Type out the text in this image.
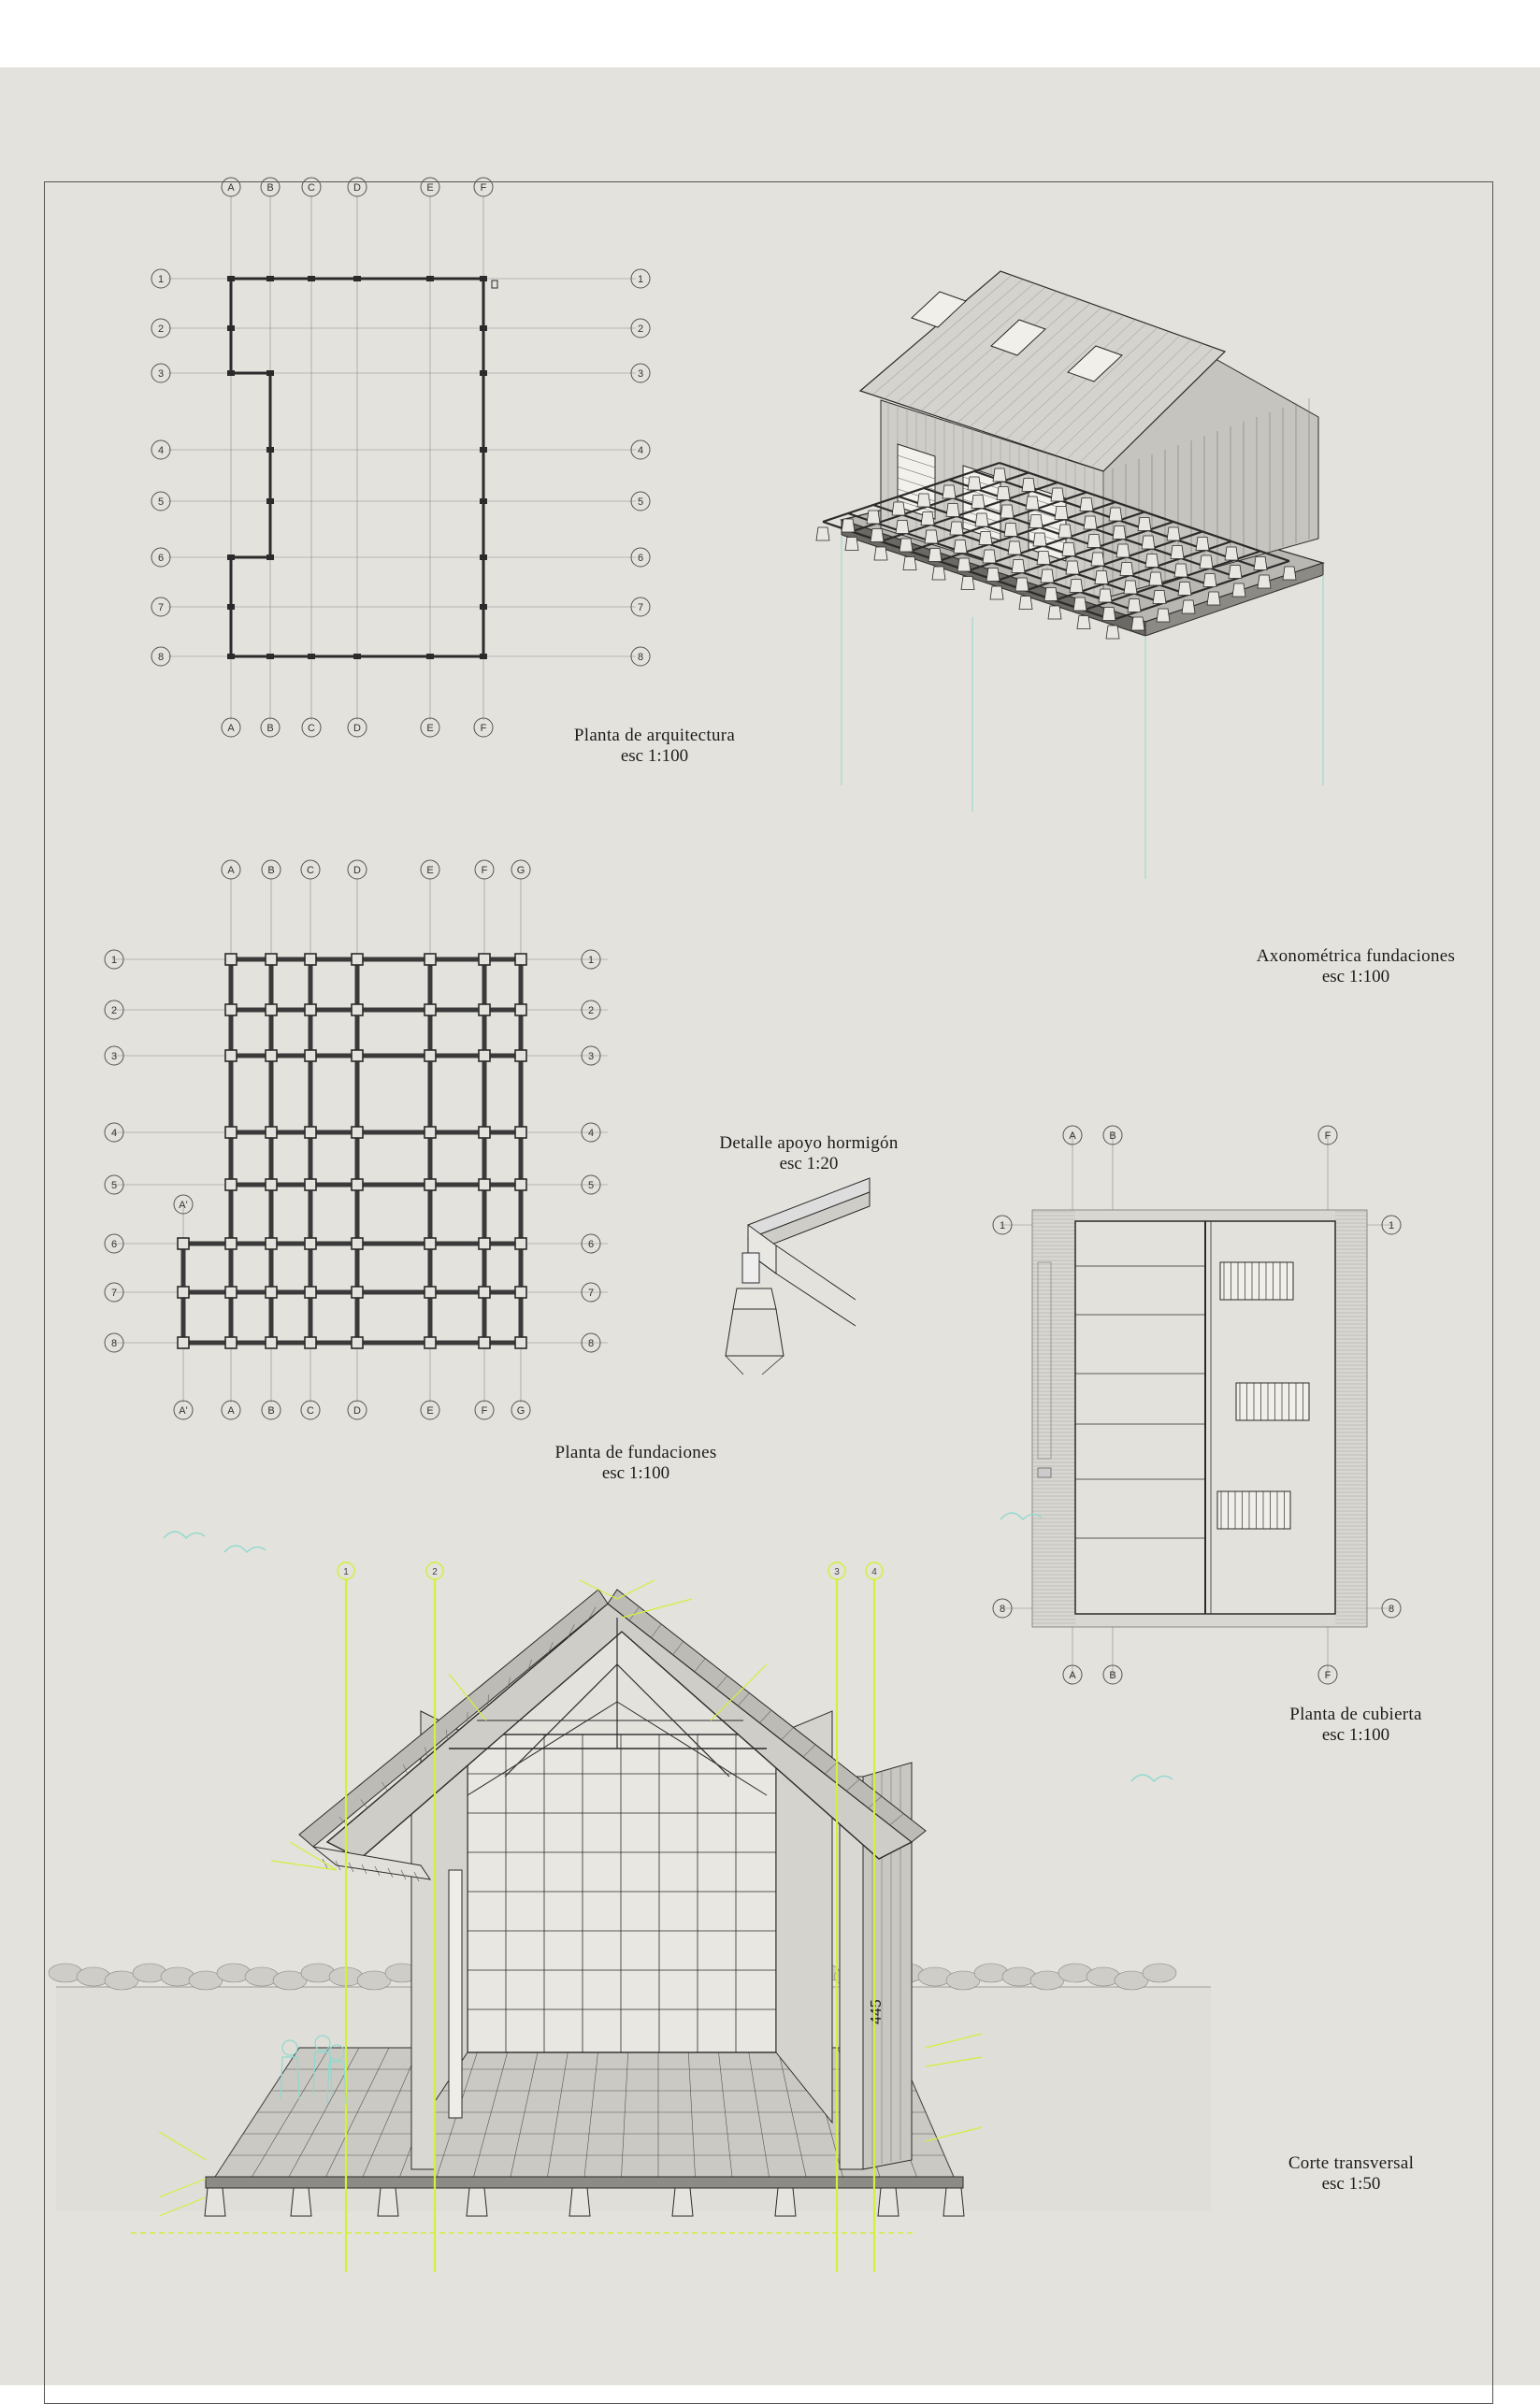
A
A
B
B
C
C
D
D
E
E
F
F
1	1
2	2
3	3
4	4
5	5
6	6
7	7
8	8
Planta de arquitectura
esc 1:100
Axonométrica fundaciones
esc 1:100
A
A
B
B
C
C
D
D
E
E
F
F
G
G
1	1
2	2
3	3
4	4
5	5
6	6
7	7
8	8
A'
A'
Planta de fundaciones
esc 1:100
Detalle apoyo hormigón
esc 1:20
A
A
B
B
F
F
1	1
8	8
Planta de cubierta
esc 1:100
445
1	2	3	4
Corte transversal
esc 1:50
